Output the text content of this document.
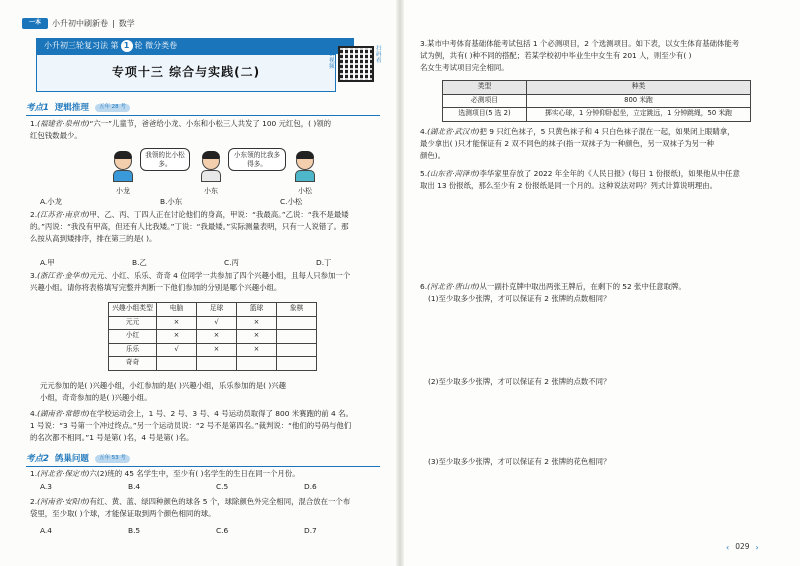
一本	小升初中刷新卷 | 数学
小升初三轮复习法 第 1 轮 微分类卷
专项十三 综合与实践(二)
精讲视频
扫码看
考点1 逻辑推理	五年 28 考
1.(福建省·泉州市)“六一”儿童节，爸爸给小龙、小东和小松三人共发了 100 元红包，( )领的
红包钱数最少。
我领的比小松多。
小东领的比我多得多。
小龙	小东	小松
A.小龙	B.小东	C.小松
2.(江苏省·南京市)甲、乙、丙、丁四人正在讨论他们的身高，甲说：“我最高。”乙说：“我不是最矮
的。”丙说：“我没有甲高，但还有人比我矮。”丁说：“我最矮。”实际测量表明，只有一人说错了。那
么按从高到矮排序，排在第三的是( )。
A.甲	B.乙	C.丙	D.丁
3.(浙江省·金华市)元元、小红、乐乐、奇奇 4 位同学一共参加了四个兴趣小组，且每人只参加一个
兴趣小组。请你将表格填写完整并判断一下他们参加的分别是哪个兴趣小组。
兴趣小组类型	电脑	足球	篮球	象棋
元元	×	√	×	
小红	×	×	×	
乐乐	√	×	×	
奇奇				
元元参加的是( )兴趣小组，小红参加的是( )兴趣小组，乐乐参加的是( )兴趣
小组，奇奇参加的是( )兴趣小组。
4.(湖南省·常德市)在学校运动会上，1 号、2 号、3 号、4 号运动员取得了 800 米赛跑的前 4 名。
1 号说：“3 号第一个冲过终点。”另一个运动员说：“2 号不是第四名。”裁判说：“他们的号码与他们
的名次都不相同。”1 号是第( )名，4 号是第( )名。
考点2 鸽巢问题	五年 53 考
1.(河北省·保定市)六(2)班的 45 名学生中，至少有( )名学生的生日在同一个月份。
A.3	B.4	C.5	D.6
2.(河南省·安阳市)有红、黄、蓝、绿四种颜色的球各 5 个，球除颜色外完全相同，混合放在一个布
袋里，至少取( )个球，才能保证取到两个颜色相同的球。
A.4	B.5	C.6	D.7
3.某市中考体育基础体能考试包括 1 个必测项目，2 个选测项目。如下表，以女生体育基础体能考
试为例，共有( )种不同的搭配；若某学校初中毕业生中女生有 201 人，则至少有( )
名女生考试项目完全相同。
类型	种类
必测项目	800 米跑
选测项目(5 选 2)	掷实心球，1 分钟仰卧起坐，立定跳远，1 分钟跳绳，50 米跑
4.(湖北省·武汉市)把 9 只红色袜子，5 只黄色袜子和 4 只白色袜子混在一起，如果闭上眼睛拿，
最少拿出( )只才能保证有 2 双不同色的袜子(指一双袜子为一种颜色，另一双袜子为另一种
颜色)。
5.(山东省·菏泽市)李华家里存放了 2022 年全年的《人民日报》(每日 1 份报纸)，如果他从中任意
取出 13 份报纸，那么至少有 2 份报纸是同一个月的。这种说法对吗？列式计算说明理由。
6.(河北省·唐山市)从一副扑克牌中取出两张王牌后，在剩下的 52 张中任意取牌。
(1)至少取多少张牌，才可以保证有 2 张牌的点数相同？
(2)至少取多少张牌，才可以保证有 2 张牌的点数不同？
(3)至少取多少张牌，才可以保证有 2 张牌的花色相同？
‹ 029 ›
